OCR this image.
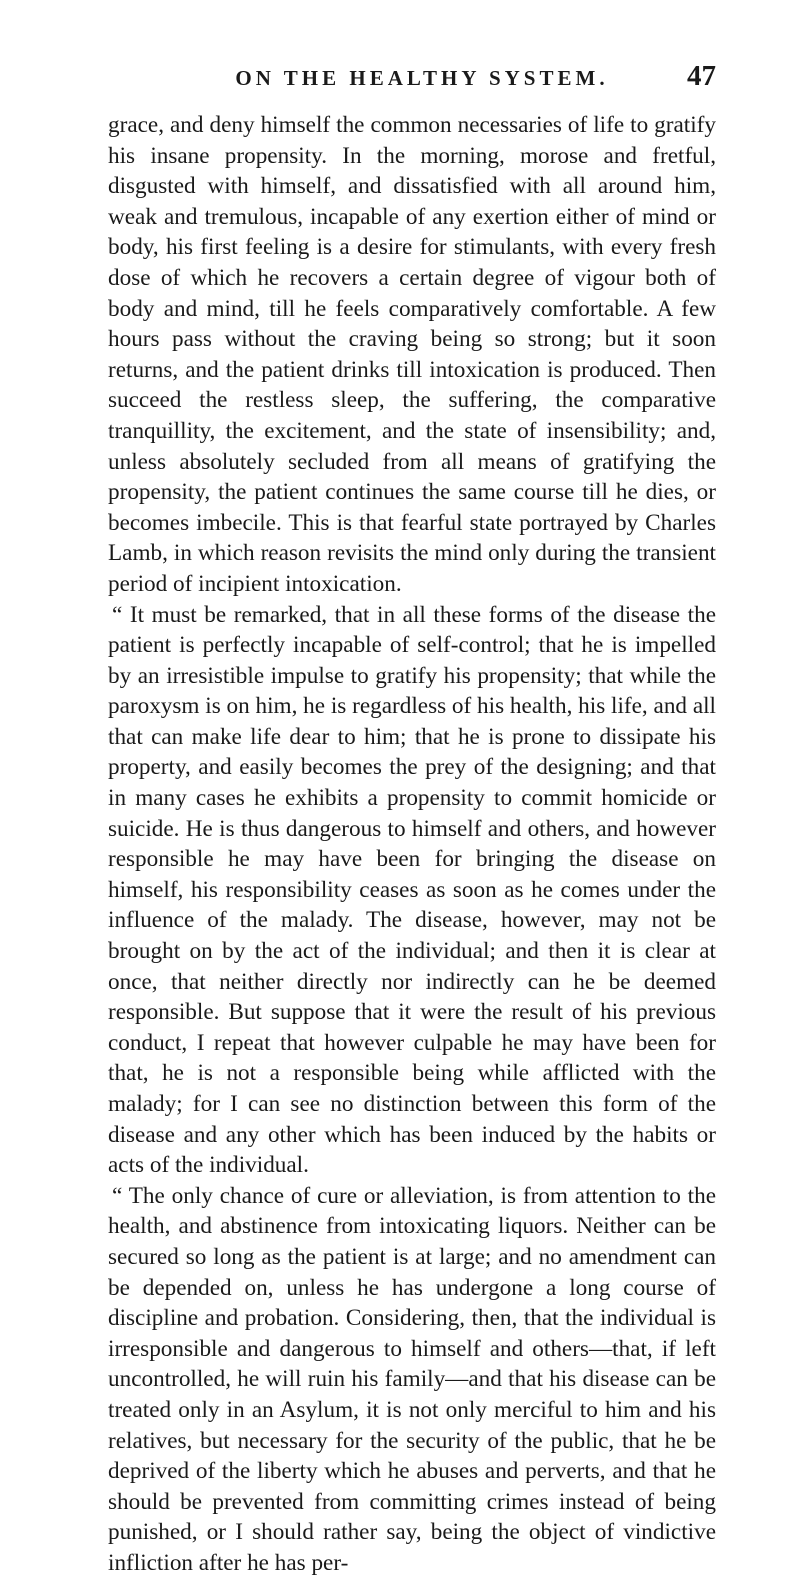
ON THE HEALTHY SYSTEM.	47

grace, and deny himself the common necessaries of life to gratify his insane propensity. In the morning, morose and fretful, disgusted with himself, and dissatisfied with all around him, weak and tremulous, incapable of any exertion either of mind or body, his first feeling is a desire for stimulants, with every fresh dose of which he recovers a certain degree of vigour both of body and mind, till he feels comparatively comfortable. A few hours pass without the craving being so strong; but it soon returns, and the patient drinks till intoxication is produced. Then succeed the restless sleep, the suffering, the comparative tranquillity, the excitement, and the state of insensibility; and, unless absolutely secluded from all means of gratifying the propensity, the patient continues the same course till he dies, or becomes imbecile. This is that fearful state portrayed by Charles Lamb, in which reason revisits the mind only during the transient period of incipient intoxication.

“ It must be remarked, that in all these forms of the disease the patient is perfectly incapable of self-control; that he is impelled by an irresistible impulse to gratify his propensity; that while the paroxysm is on him, he is regardless of his health, his life, and all that can make life dear to him; that he is prone to dissipate his property, and easily becomes the prey of the designing; and that in many cases he exhibits a propensity to commit homicide or suicide. He is thus dangerous to himself and others, and however responsible he may have been for bringing the disease on himself, his responsibility ceases as soon as he comes under the influence of the malady. The disease, however, may not be brought on by the act of the individual; and then it is clear at once, that neither directly nor indirectly can he be deemed responsible. But suppose that it were the result of his previous conduct, I repeat that however culpable he may have been for that, he is not a responsible being while afflicted with the malady; for I can see no distinction between this form of the disease and any other which has been induced by the habits or acts of the individual.

“ The only chance of cure or alleviation, is from attention to the health, and abstinence from intoxicating liquors. Neither can be secured so long as the patient is at large; and no amendment can be depended on, unless he has undergone a long course of discipline and probation. Considering, then, that the individual is irresponsible and dangerous to himself and others—that, if left uncontrolled, he will ruin his family—and that his disease can be treated only in an Asylum, it is not only merciful to him and his relatives, but necessary for the security of the public, that he be deprived of the liberty which he abuses and perverts, and that he should be prevented from committing crimes instead of being punished, or I should rather say, being the object of vindictive infliction after he has per-
